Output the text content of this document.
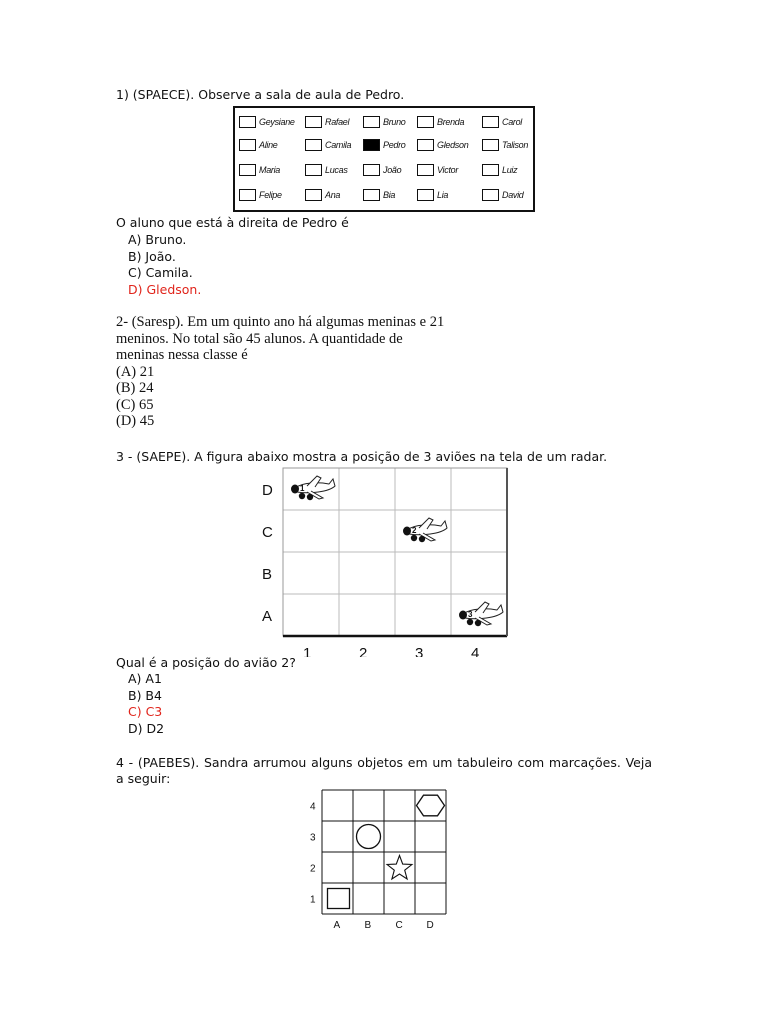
1) (SPAECE). Observe a sala de aula de Pedro.
Geysiane	Rafael	Bruno	Brenda	Carol
Aline	Camila	Pedro	Gledson	Talison
Maria	Lucas	João	Victor	Luiz
Felipe	Ana	Bia	Lia	David
O aluno que está à direita de Pedro é
A) Bruno.
B) João.
C) Camila.
D) Gledson.
2- (Saresp). Em um quinto ano há algumas meninas e 21
meninos. No total são 45 alunos. A quantidade de
meninas nessa classe é
(A) 21
(B) 24
(C) 65
(D) 45
3 - (SAEPE). A figura abaixo mostra a posição de 3 aviões na tela de um radar.
D
C
B
A
1	2	3	4
1
2
3
Qual é a posição do avião 2?
A) A1
B) B4
C) C3
D) D2
4 - (PAEBES). Sandra arrumou alguns objetos em um tabuleiro com marcações. Veja a seguir:
4
3
2
1
A B C D
